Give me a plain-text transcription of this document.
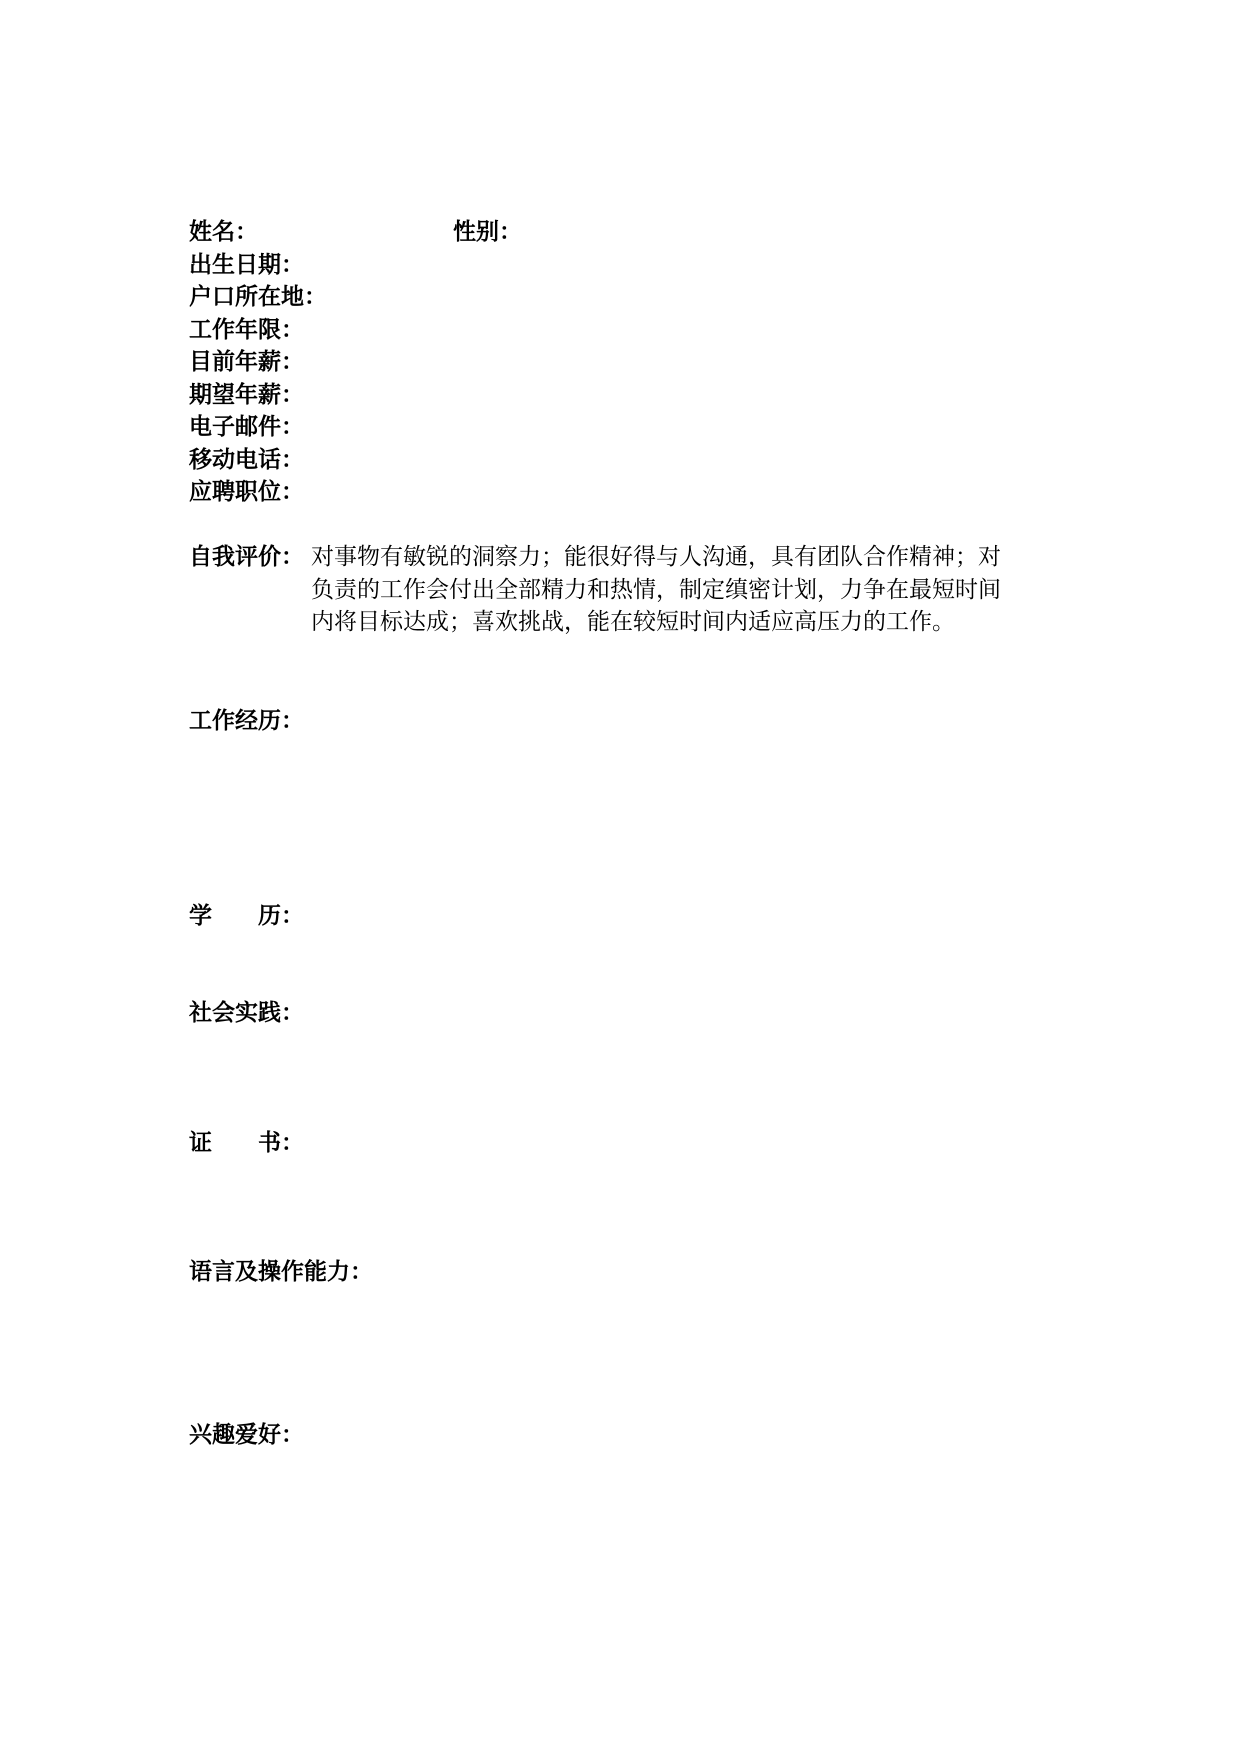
姓名：	性别：
出生日期：
户口所在地：
工作年限：
目前年薪：
期望年薪：
电子邮件：
移动电话：
应聘职位：
自我评价： 对事物有敏锐的洞察力；能很好得与人沟通，具有团队合作精神；对
负责的工作会付出全部精力和热情，制定缜密计划，力争在最短时间
内将目标达成；喜欢挑战，能在较短时间内适应高压力的工作。
工作经历：
学 历：
社会实践：
证 书：
语言及操作能力：
兴趣爱好：
